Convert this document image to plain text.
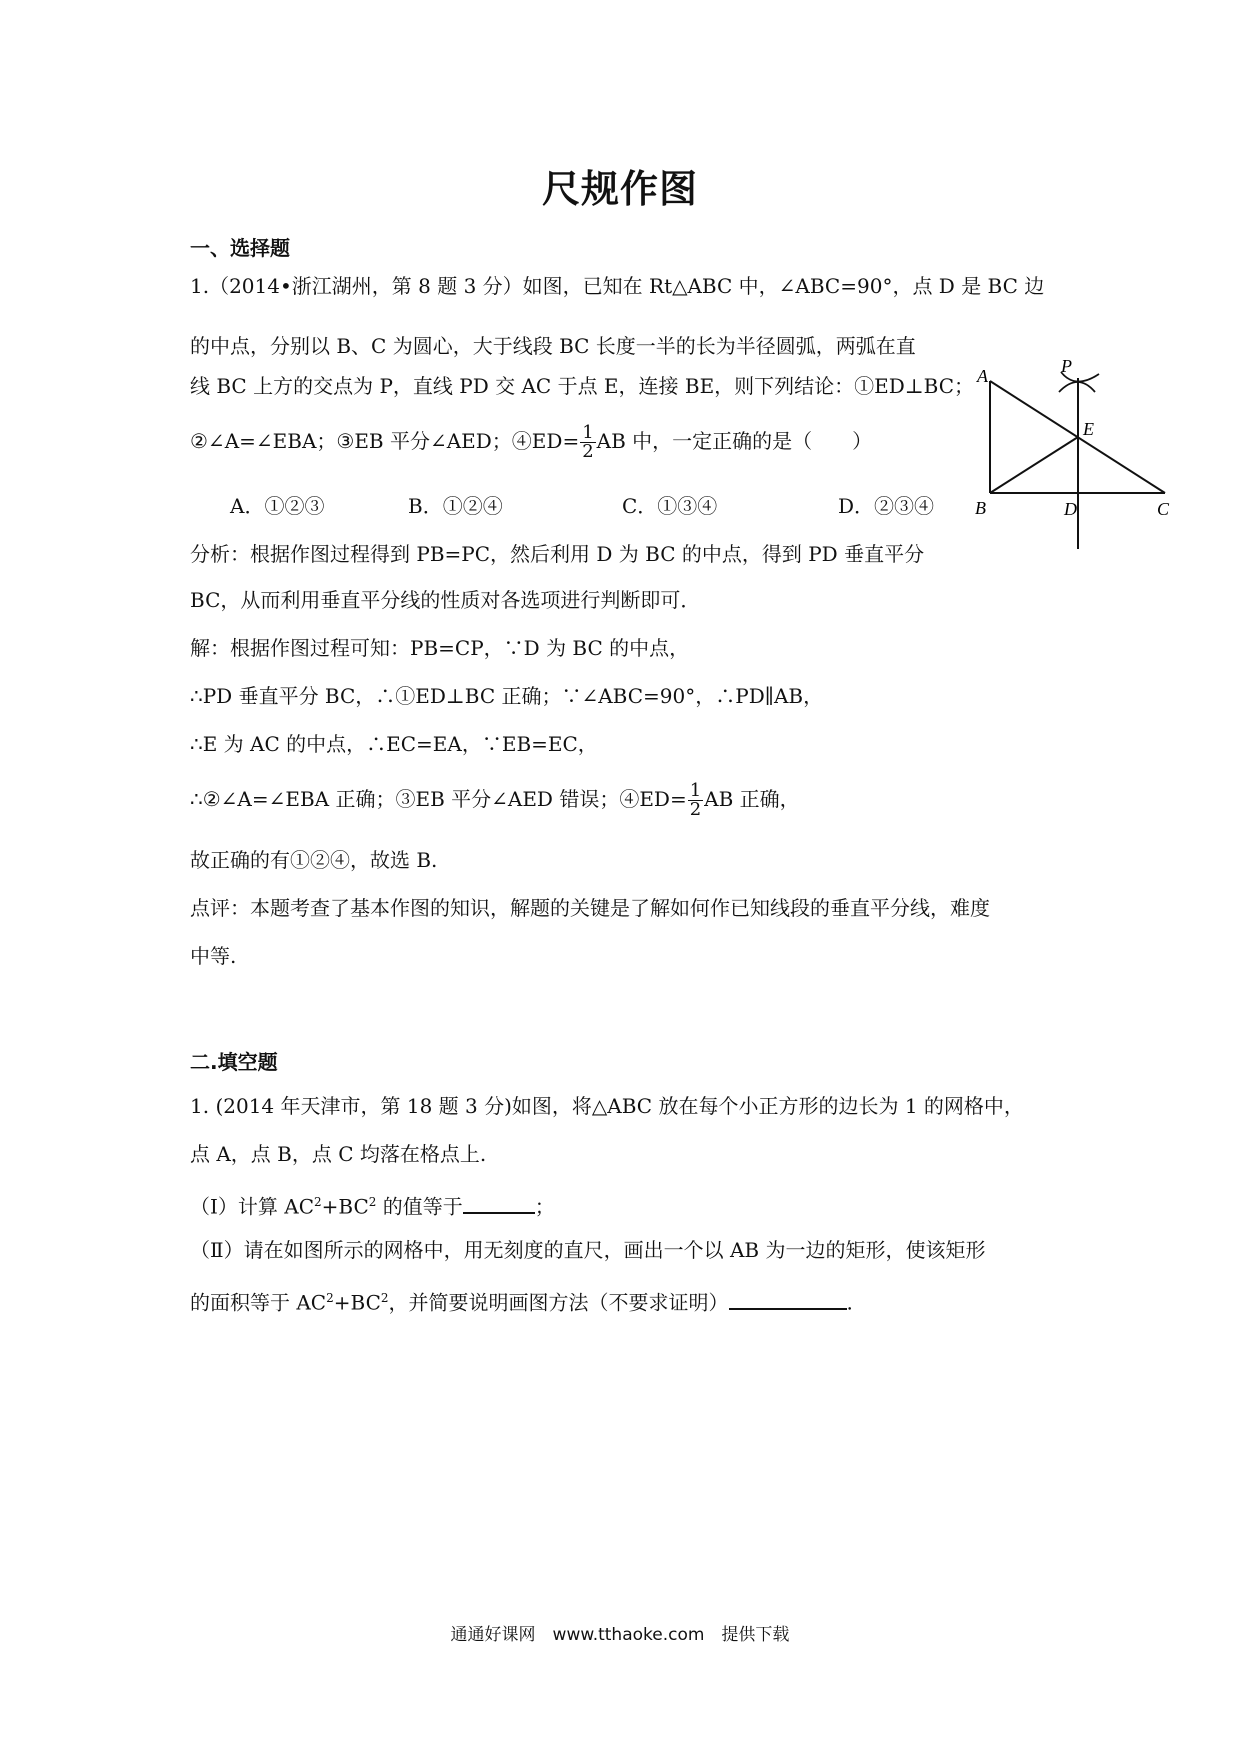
尺规作图
一、选择题
1.（2014•浙江湖州，第 8 题 3 分）如图，已知在 Rt△ABC 中，∠ABC=90°，点 D 是 BC 边
的中点，分别以 B、C 为圆心，大于线段 BC 长度一半的长为半径圆弧，两弧在直
线 BC 上方的交点为 P，直线 PD 交 AC 于点 E，连接 BE，则下列结论：①ED⊥BC；
②∠A=∠EBA；③EB 平分∠AED；④ED= $\frac{1}{2}$ AB 中，一定正确的是（　　）
A．①②③	B．①②④	C．①③④	D．②③④
分析：根据作图过程得到 PB=PC，然后利用 D 为 BC 的中点，得到 PD 垂直平分
BC，从而利用垂直平分线的性质对各选项进行判断即可．
解：根据作图过程可知：PB=CP，∵D 为 BC 的中点，
∴PD 垂直平分 BC，∴①ED⊥BC 正确；∵∠ABC=90°，∴PD∥AB，
∴E 为 AC 的中点，∴EC=EA，∵EB=EC，
∴②∠A=∠EBA 正确；③EB 平分∠AED 错误；④ED= $\frac{1}{2}$ AB 正确，
故正确的有①②④，故选 B.
点评：本题考查了基本作图的知识，解题的关键是了解如何作已知线段的垂直平分线，难度
中等.
A
B	C
D
E
P
二.填空题
1. (2014 年天津市，第 18 题 3 分)如图，将△ABC 放在每个小正方形的边长为 1 的网格中，
点 A，点 B，点 C 均落在格点上.
（Ⅰ）计算 $AC^2+BC^2$ 的值等于	；
（Ⅱ）请在如图所示的网格中，用无刻度的直尺，画出一个以 AB 为一边的矩形，使该矩形
的面积等于 $AC^2+BC^2$，并简要说明画图方法（不要求证明）	.
通通好课网　www.tthaoke.com　提供下载
